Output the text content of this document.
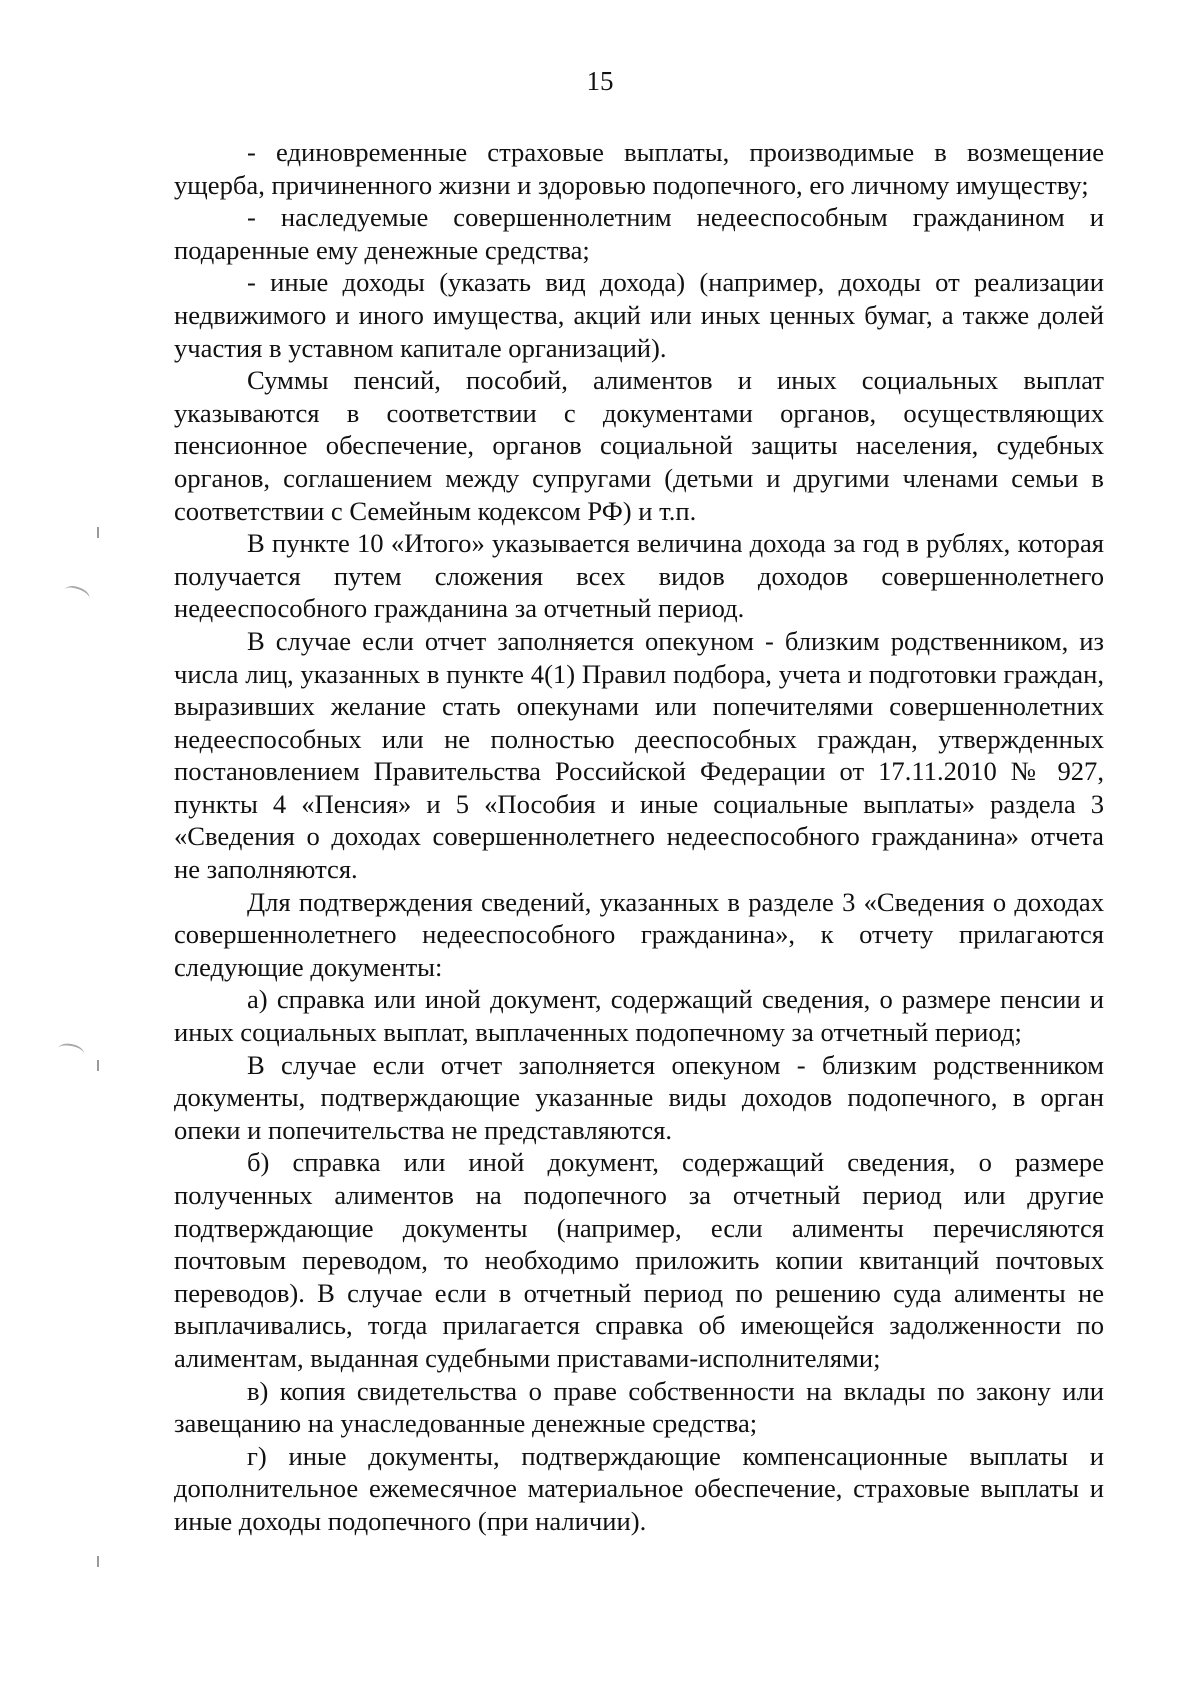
15

- единовременные страховые выплаты, производимые в возмещение ущерба, причиненного жизни и здоровью подопечного, его личному имуществу;

- наследуемые совершеннолетним недееспособным гражданином и подаренные ему денежные средства;

- иные доходы (указать вид дохода) (например, доходы от реализации недвижимого и иного имущества, акций или иных ценных бумаг, а также долей участия в уставном капитале организаций).

Суммы пенсий, пособий, алиментов и иных социальных выплат указываются в соответствии с документами органов, осуществляющих пенсионное обеспечение, органов социальной защиты населения, судебных органов, соглашением между супругами (детьми и другими членами семьи в соответствии с Семейным кодексом РФ) и т.п.

В пункте 10 «Итого» указывается величина дохода за год в рублях, которая получается путем сложения всех видов доходов совершеннолетнего недееспособного гражданина за отчетный период.

В случае если отчет заполняется опекуном - близким родственником, из числа лиц, указанных в пункте 4(1) Правил подбора, учета и подготовки граждан, выразивших желание стать опекунами или попечителями совершеннолетних недееспособных или не полностью дееспособных граждан, утвержденных постановлением Правительства Российской Федерации от 17.11.2010 № 927, пункты 4 «Пенсия» и 5 «Пособия и иные социальные выплаты» раздела 3 «Сведения о доходах совершеннолетнего недееспособного гражданина» отчета не заполняются.

Для подтверждения сведений, указанных в разделе 3 «Сведения о доходах совершеннолетнего недееспособного гражданина», к отчету прилагаются следующие документы:

а) справка или иной документ, содержащий сведения, о размере пенсии и иных социальных выплат, выплаченных подопечному за отчетный период;

В случае если отчет заполняется опекуном - близким родственником документы, подтверждающие указанные виды доходов подопечного, в орган опеки и попечительства не представляются.

б) справка или иной документ, содержащий сведения, о размере полученных алиментов на подопечного за отчетный период или другие подтверждающие документы (например, если алименты перечисляются почтовым переводом, то необходимо приложить копии квитанций почтовых переводов). В случае если в отчетный период по решению суда алименты не выплачивались, тогда прилагается справка об имеющейся задолженности по алиментам, выданная судебными приставами-исполнителями;

в) копия свидетельства о праве собственности на вклады по закону или завещанию на унаследованные денежные средства;

г) иные документы, подтверждающие компенсационные выплаты и дополнительное ежемесячное материальное обеспечение, страховые выплаты и иные доходы подопечного (при наличии).
